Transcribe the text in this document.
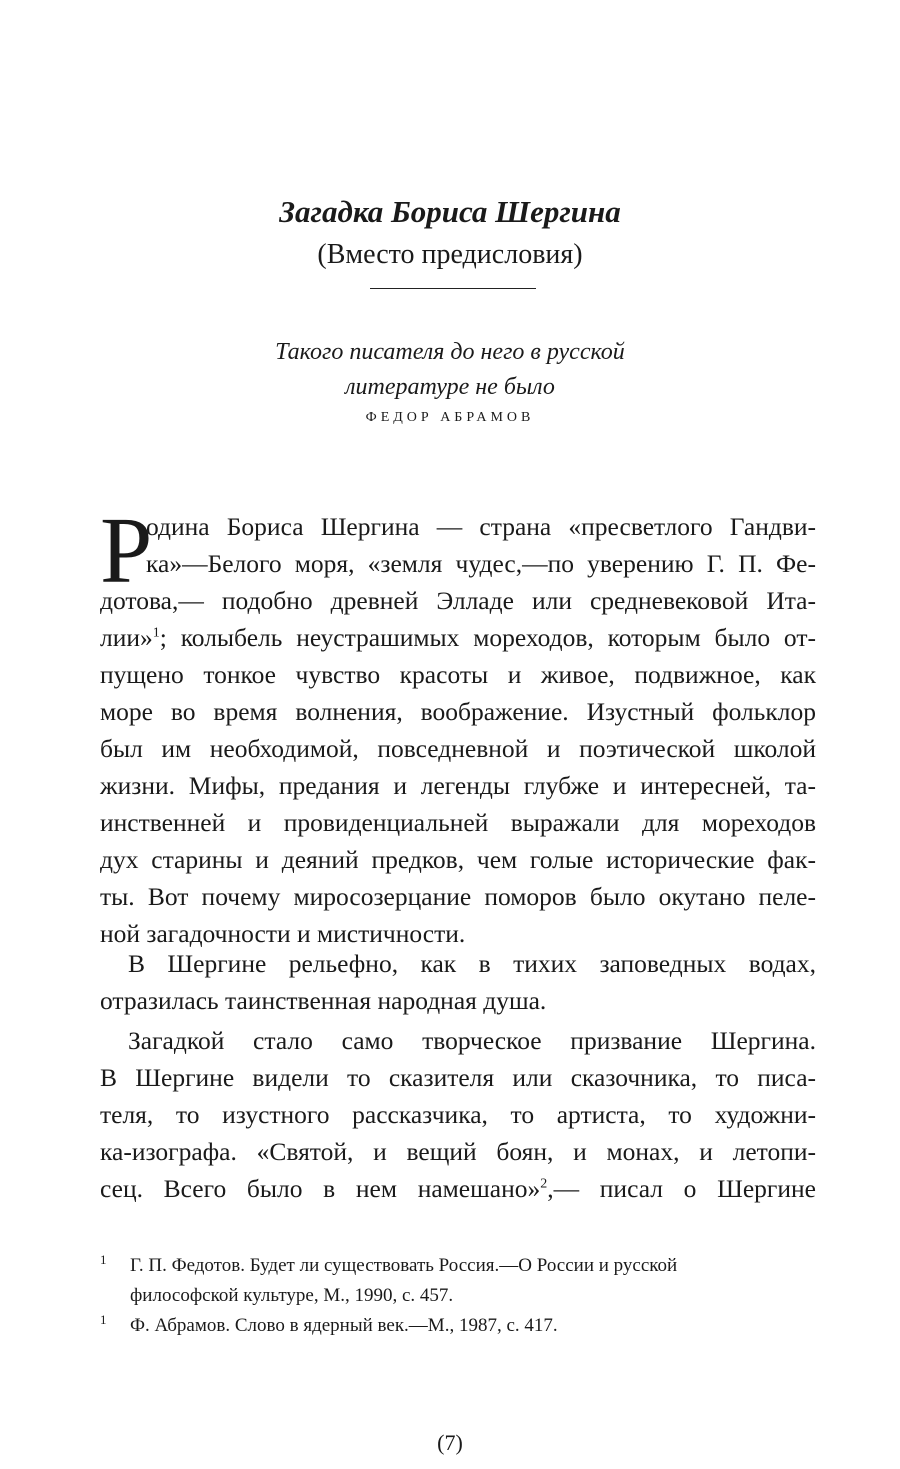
Загадка Бориса Шергина
(Вместо предисловия)
Такого писателя до него в русской
литературе не было
ФЕДОР АБРАМОВ
Р
одина Бориса Шергина — страна «пресветлого Гандви-
ка»—Белого моря, «земля чудес,—по уверению Г. П. Фе-
дотова,— подобно древней Элладе или средневековой Ита-
лии»$^1$; колыбель неустрашимых мореходов, которым было от-
пущено тонкое чувство красоты и живое, подвижное, как
море во время волнения, воображение. Изустный фольклор
был им необходимой, повседневной и поэтической школой
жизни. Мифы, предания и легенды глубже и интересней, та-
инственней и провиденциальней выражали для мореходов
дух старины и деяний предков, чем голые исторические фак-
ты. Вот почему миросозерцание поморов было окутано пеле-
ной загадочности и мистичности.
В Шергине рельефно, как в тихих заповедных водах,
отразилась таинственная народная душа.
Загадкой стало само творческое призвание Шергина.
В Шергине видели то сказителя или сказочника, то писа-
теля, то изустного рассказчика, то артиста, то художни-
ка-изографа. «Святой, и вещий боян, и монах, и летопи-
сец. Всего было в нем намешано»$^2$,— писал о Шергине
1 Г. П. Федотов. Будет ли существовать Россия.—О России и русской
философской культуре, М., 1990, с. 457.
1 Ф. Абрамов. Слово в ядерный век.—М., 1987, с. 417.
(7)
